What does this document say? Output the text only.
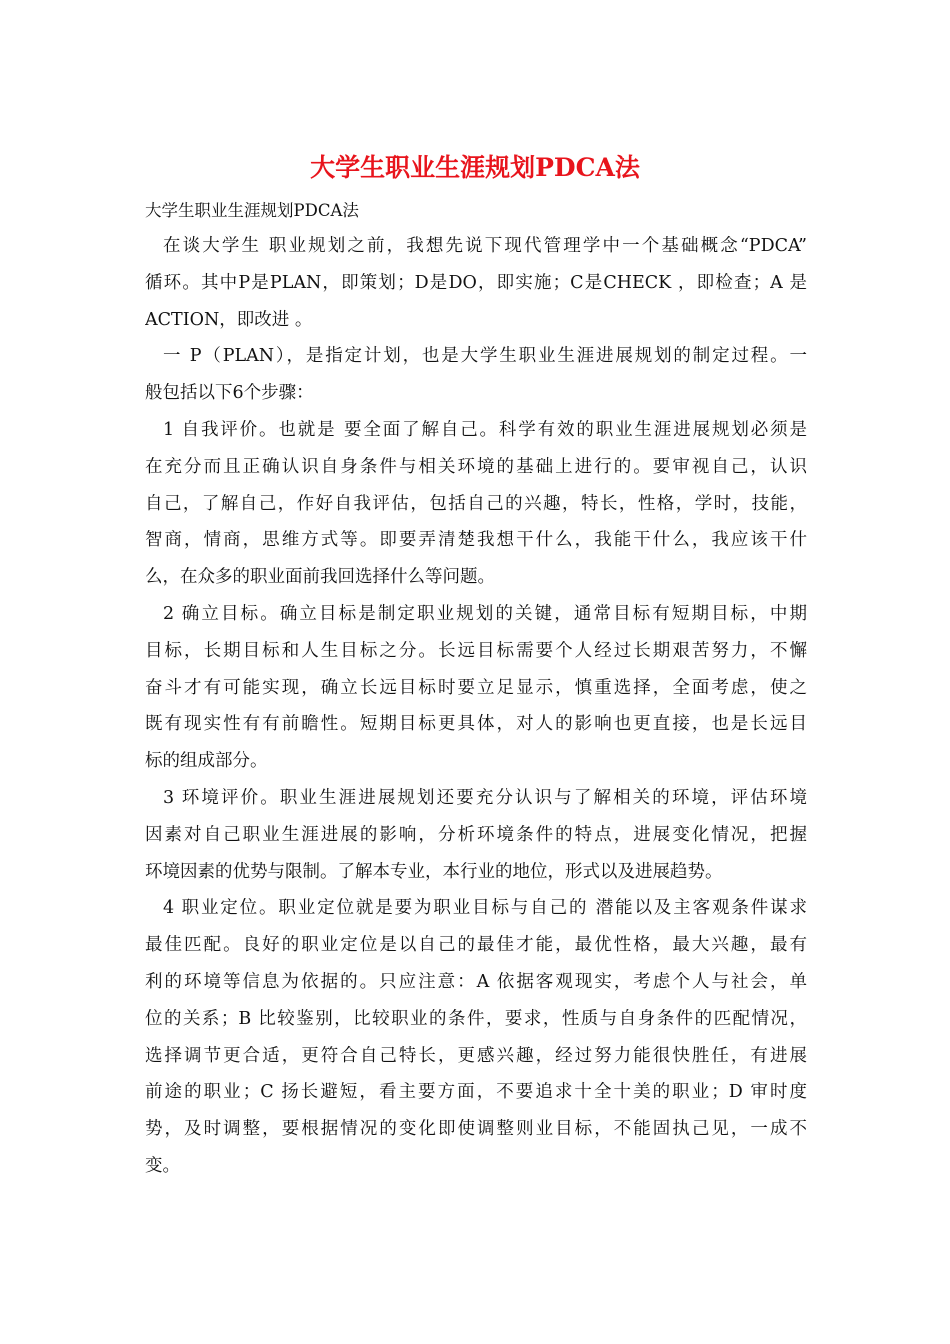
大学生职业生涯规划PDCA法
大学生职业生涯规划PDCA法
在谈大学生 职业规划之前，我想先说下现代管理学中一个基础概念“PDCA”
循环。其中P是PLAN，即策划；D是DO，即实施；C是CHECK ，即检查；A 是
ACTION，即改进 。
一 P（PLAN），是指定计划，也是大学生职业生涯进展规划的制定过程。一
般包括以下6个步骤：
1 自我评价。也就是 要全面了解自己。科学有效的职业生涯进展规划必须是
在充分而且正确认识自身条件与相关环境的基础上进行的。要审视自己，认识
自己，了解自己，作好自我评估，包括自己的兴趣，特长，性格，学时，技能，
智商，情商，思维方式等。即要弄清楚我想干什么，我能干什么，我应该干什
么，在众多的职业面前我回选择什么等问题。
2 确立目标。确立目标是制定职业规划的关键，通常目标有短期目标，中期
目标，长期目标和人生目标之分。长远目标需要个人经过长期艰苦努力，不懈
奋斗才有可能实现，确立长远目标时要立足显示，慎重选择，全面考虑，使之
既有现实性有有前瞻性。短期目标更具体，对人的影响也更直接，也是长远目
标的组成部分。
3 环境评价。职业生涯进展规划还要充分认识与了解相关的环境，评估环境
因素对自己职业生涯进展的影响，分析环境条件的特点，进展变化情况，把握
环境因素的优势与限制。了解本专业，本行业的地位，形式以及进展趋势。
4 职业定位。职业定位就是要为职业目标与自己的 潜能以及主客观条件谋求
最佳匹配。良好的职业定位是以自己的最佳才能，最优性格，最大兴趣，最有
利的环境等信息为依据的。只应注意：A 依据客观现实，考虑个人与社会，单
位的关系；B 比较鉴别，比较职业的条件，要求，性质与自身条件的匹配情况，
选择调节更合适，更符合自己特长，更感兴趣，经过努力能很快胜任，有进展
前途的职业；C 扬长避短，看主要方面，不要追求十全十美的职业；D 审时度
势，及时调整，要根据情况的变化即使调整则业目标，不能固执己见，一成不
变。
